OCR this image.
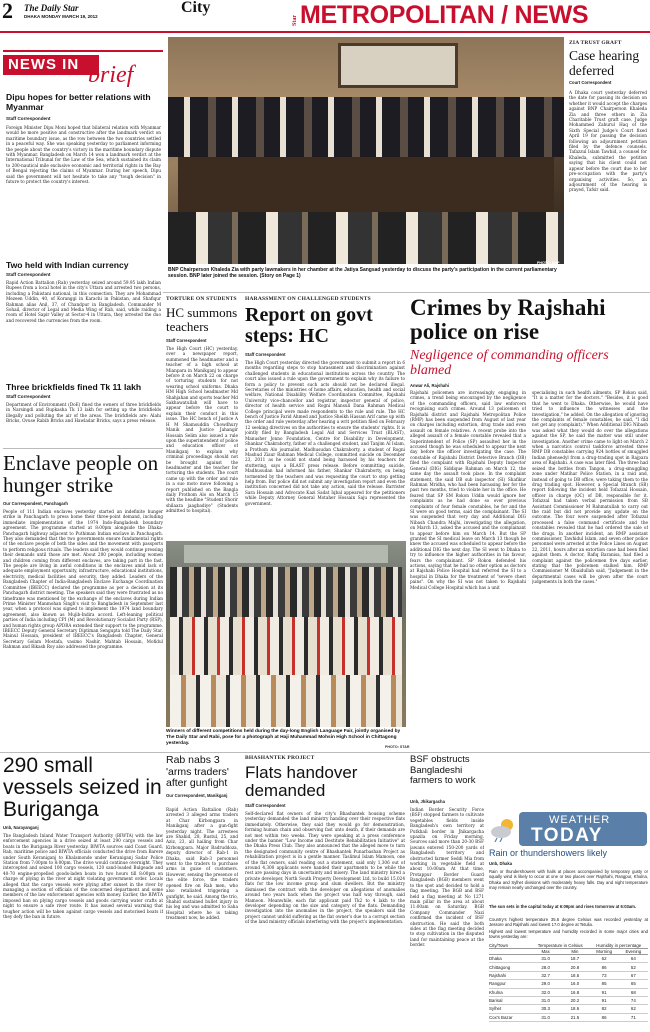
2 The Daily Star
DHAKA MONDAY MARCH 19, 2012
City
Star METROPOLITAN / NEWS
NEWS IN brief
Dipu hopes for better relations with Myanmar
Staff Correspondent
Foreign Minister Dipu Moni hoped that bilateral relation with Myanmar would be more positive and constructive after the landmark verdict on maritime boundary issue, as the row between the two countries settled in a peaceful way. She was speaking yesterday to parliament informing the people about the country's victory in the maritime boundary dispute with Myanmar. Bangladesh on March 14 won a landmark verdict at the International Tribunal for the Law of the Sea, which sustained its claim to 200-nautical mile exclusive economic and territorial rights in the Bay of Bengal rejecting the claims of Myanmar. During her speech, Dipu said the government will not hesitate to take any "tough decision" in future to protect the country's interest.
Two held with Indian currency
Staff Correspondent
Rapid Action Battalion (Rab) yesterday seized around 59.95 lakh Indian Rupees from a local hotel in the city's Uttara and arrested two persons, including a Pakistani national, in this connection. They are Mohammad Mezeen Uddin, 40, of Koranggi in Karachi in Pakistan, and Shafiqur Rahman alias Anil, 37, of Chandpur in Bangladesh. Commander M Sohail, director of Legal and Media Wing of Rab, said, while raiding a room of Hotel Sapir Valley at Sector-4 in Uttara, they arrested the duo and recovered the currencies from the room.
Three brickfields fined Tk 11 lakh
Staff Correspondent
Department of Environment (DoE) fined the owners of three brickfields in Narsingdi and Rupkasha Tk 13 lakh for setting up the brickfields illegally and polluting the air of the areas. The brickfields are: Alahi Bricks, Ovuse Rabib Bricks and Hawladar Bricks, says a press release.
BNP Chairperson Khaleda Zia with party lawmakers in her chamber at the Jatiya Sangsad yesterday to discuss the party's participation in the current parliamentary session. BNP later joined the session. (Story on Page 1)
PHOTO: BNP
ZIA TRUST GRAFT
Case hearing deferred
Court Correspondent
A Dhaka court yesterday deferred the date for passing its decision on whether it would accept the charges against BNP Chairperson Khaleda Zia and three others in Zia Charitable Trust graft case. Judge Mohammed Zahurul Haq of the Sixth Special Judge's Court fixed April 19 for passing the decision following an adjournment petition filed by the defence counsels. Tafazzul Islam Tawhid, a counsel for Khaleda, submitted the petition saying that his client could not appear before the court due to her pre-occupation with the party's organising activities. So, an adjournment of the hearing is prayed, Tafsir said.
TORTURE ON STUDENTS
HC summons teachers
Staff Correspondent
The High Court (HC) yesterday, over a newspaper report, summoned the headmaster and a teacher of a high school at Mianpara in Manikganj to appear before it on March 22 on charge of torturing students for not wearing school uniforms. Dhaka HM High School headmaster Md Shahjahan and sports teacher Md Sakhawatullah will have to appear before the court to explain their conduct in this issue. The HC bench of Justice A H M Shamsuddin Chowdhury Manik and Justice Jahangir Hossain Selim also issued a rule upon the superintendent of police and education officer of Manikganj to explain why criminal proceedings should not be brought against the headmaster and the teacher for torturing the students. The court came up with the order and rule in a suo moto move following a report published on the Bangla daily Prothom Alo on March 15 with the headline "Student Shorir shilaara jaagbadiye" (Students admitted to hospital).
HARASSMENT ON CHALLENGED STUDENTS
Report on govt steps: HC
Staff Correspondent
The High Court yesterday directed the government to submit a report in 6 months regarding steps to stop harassment and discrimination against challenged students in educational institutions across the country. The court also issued a rule upon the government to explain why its failure to form a policy to prevent such acts should not be declared illegal. Secretaries of the ministries of home affairs, education, health and social welfare, National Disability Welfare Coordination Committee, Rajshahi University vice-chancellor and registrar, inspector general of police, director of health service and Rogni Mansuli Dana Rahman Medical College principal were made respondents to the rule and rule. The HC bench of Justice Farid Ahmed and Justice Sheikh Hassan Arif came up with the order and rule yesterday after hearing a writ petition filed on February 12 seeking directives on the authorities to ensure the students' rights. It is jointly filed by Bangladesh Legal Aid and Services Trust (BLAST), Manusher Jonno Foundation, Centre for Disability in Development, Shankar Chakraborty, father of a challenged student, and Tanjim Al Islam, a Prothom Alo journalist. Madhusudan Chakraborty, a student of Rogni Mashud Ziaur Rahman Medical College, committed suicide on December 23, 2011 as he could not stand being harassed by his teachers for stuttering, says a BLAST press release. Before committing suicide, Madhusudan had informed his father, Shankar Chakraborty, on being tormented by the teachers and was requesting the court to stop getting help from. But police did not submit any investigation report and even the institution concerned did not take any action, said the release. Barrister Sara Hossain and Advocate Kazi Sadat Iqbal appeared for the petitioners while Deputy Attorney General Motaher Hossain Saju represented the government.
Crimes by Rajshahi police on rise
Negligence of commanding officers blamed
Anwar Ali, Rajshahi
Rajshahi policemen are increasingly engaging in crimes, a trend being encouraged by the negligence of the commanding officers, said law enforcers recognising such crimes. Around 13 policemen of Rajshahi district and Rajshahi Metropolitan Police (RMP) has been suspended from August of last year on charges including extortion, drug trade and even assault on female relatives. A recent probe into the alleged assault of a female constable revealed that a Superintendent of Police (SP) assaulted her in the accused though he was scheduled to appear the next day before the officer investigating the case. The constable of Rajshahi District Detective Branch (DB) filed the complaint with Rajshahi Deputy Inspector General (DIG) Siddique Rahman on March 12, the same day the assault took place. In the complaint statement, the said DB sub inspector (SI) Shafikur Rahman Mridha, who had been harassing her for the past two months, tried to violate her in the office. He feared that SP SM Rokon Uddin would ignore her complaints as he had done so over previous complaints of four female constables, he for and the SI were on good terms, said the complainant. The SI was suspended that very day and Additional DIG Nibash Chandra Majhi, investigating the allegation, on March 13, asked the accused and the complainant to appear before him on March 14. But the SP granted the SI medical leave on March 13 though he knew the accused was scheduled to appear before the additional DIG the next day. The SI went to Dhaka to try to influence the higher authorities in his favour, fears the complainant. SP Rokon defended his actions, saying that he had no other option as doctors at Rajshahi Police Hospital had referred the SI to a hospital in Dhaka for the treatment of "severe chest pains". On why the SI was not taken to Rajshahi Medical College Hospital which has a unit
specialising in such health ailments, SP Rokon said, "It is a matter for the doctors." "Besides, it is good that he went to Dhaka. Otherwise, he would have tried to influence the witnesses and the investigation," he added. On the allegation of ignoring the complaints of female constables, he said, "I did not get any (complaint)." When Additional DIG Nibash was asked what they would do over the allegations against the SP, he said the matter was still under investigation. Another crime came to light on March 2 when a narcotics control taskforce arrested three RMP DB constables carrying 924 bottles of smuggled Indian phensedyl from a drug-trading spot in Rajpara area of Rajshahi. A case was later filed. The three had seized the bottles from Tangon, a drug-smuggling zone under Matihar Police Station, in a raid and, instead of going to DB office, were taking them to the drug trading spot. However, a Special Branch (SB) report following the incident held Tofazzal Hossain, officer in charge (OC) of DB, responsible for it. Tofazzal had taken verbal permission from SB Assistant Commissioner M Rahmatullah to carry out the raid but did not provide any update on the outcome. The four were suspended after Tofazzal processed a false command certificate and the constables revealed that he had ordered the sale of the drugs. In another incident, an RMP assistant commissioner, Tawhidul Islam, and seven other police personnel were arrested at the Police Lines on August 22, 2011, hours after an extortion case had been filed against them. A doctor, Rafiq Baranisa, had filed a complaint against the policemen five days earlier, stating that the policemen stalked him. RMP Commissioner M Obaidullah said, "Judgement in the departmental cases will be given after the court judgements in both the cases."
Enclave people on hunger strike
Our Correspondent, Panchagarh
People of 111 Indian enclaves yesterday started an indefinite hunger strike in Panchagarh to press home their three-point demand, including immediate implementation of the 1974 Indo-Bangladesh boundary agreement. The programme started at 8:00pm alongside the Dhaka-Panchagarh highway adjacent to Puthiman Indian enclave in Panchagarh. They also demanded that the two governments ensure fundamental rights of the enclave people of both the sides and the movement with passports to perform religious rituals. The leaders said they would continue pressing their demands until those are met. About 200 people, including women and children coming from different enclaves, are taking part in the fast. The people are living in awful conditions in the enclaves amid lack of adequate employment opportunity, infrastructure, educational institutions, electricity, medical facilities and security, they added. Leaders of the Bangladesh Chapter of India-Bangladesh Enclave Exchange Coordination Committee (IBEECC) declared the programme as per a decision at its Panchagarh district meeting. The speakers said they were frustrated as no timeframe was mentioned by the exchange of the enclaves during Indian Prime Minister Manmohan Singh's visit to Bangladesh in September last year, when a protocol was signed to implement the 1974 land boundary agreement, also known as Mujib-Indira accord. Left-leaning political parties of India including CPI (M) and Revolutionary Socialist Party (RSP), and human rights group APDRA extended their support to the programme. IBEECC Deputy General Secretary Diptiman Sengupta told The Daily Star. Mainul Hossain, president of IBEECC's Bangladesh Chapter, General Secretary Golam Mostafa, vasimo Nashir, Mahtab Hossain, Mofidul Rahman and Bikash Roy also addressed the programme.
Winners of different competitions held during the day-long English Language Fair, jointly organised by The Daily Star and Rabi, pose for a photograph at Haji Muhammad Mohsin High School in Chittagong yesterday.
PHOTO: STAR
290 small vessels seized in Buriganga
Unb, Narayanganj
The Bangladesh Inland Water Transport Authority (BIWTA) with the law enforcement agencies in a drive seized at least 290 cargo vessels and boats in the Buriganga River yesterday. BIWTA sources said Coast Guard, Rab, maritime police and BIWTA officials conducted the drive from Barere under South Keraniganj to Khalamonde under Keraniganj Sadar Police Station from 7:00pm to 8:00pm. The drive would continue overnight. They intercepted and seized 100 cargo vessels, 120 sand-loaded Bulgeade and 40-70 engine-propelled goods-laden boats in two hours till 8:00pm on charge of plying in the river at night violating government order. Locals alleged that the cargo vessels were plying after sunset in the river by managing a section of officials of the concerned department and some members of the law enforcement agencies with money. Earlier, the BIWTA imposed ban on plying cargo vessels and goods carrying water crafts at night to ensure a safe river route. It has issued several warning that tougher action will be taken against cargo vessels and motorised boats if they defy the ban in future.
Rab nabs 3 'arms traders' after gunfight
Our Correspondent, Manikganj
Rapid Action Battalion (Rab) arrested 3 alleged arms traders at Char Kirbongpara in Manikganj after a gun-fight yesterday night. The arrestees are Shahid, 28, Rustul, 25, and Aziz, 23, all hailing from Char Kirbongpara. Major Badruddoza, deputy director of Rab-1 in Dhaka, said Rab-3 personnel went to the traders to purchase arms in guise of customers. However, sensing the presence of the elite force, the traders opened fire on Rab men, who also retaliated triggering a gunfight, he said. Among the trio, Shahid sustained bullet injury in his leg and was admitted to Saha Hospital where he is taking treatment now, he added.
BHASHANTEK PROJECT
Flats handover demanded
Staff Correspondent
Self-declared flat owners of the city's Bhashantek housing scheme yesterday demanded the land ministry handing over their respective flats immediately. Otherwise, they said they would go for demonstration, forming human chain and observing fast unto death, if their demands are not met within two weeks. They were speaking at a press conference under the banner "Low Income and Destitute Rehabilitation Initiative" at the Dhaka Press Club. They also announced that the alleged move to turn the designated community centre of Bhashantek Punarbashan Project as rehabilitation project is in a gentle manner. Taslimul Islam Mamoon, one of the flat owners, said reading out a statement, said only 1,306 out of around 4,300 applicants were handed their apartments to be while the rest are passing days in uncertainty and misery. The land ministry hired a private developer, North South Property Development Ltd, to build 15,024 flats for the low income group and slum dwellers. But the ministry dismissed the contract with the developer on allegations of anomalies around two years back when the project was half way through, said Mamoon. Meanwhile, each flat applicant paid Tk2 to 4 lakh to the developer depending on the size and category of the flats. Demanding investigation into the anomalies in the project, the speakers said the project cannot unfold suffering as the flat owner's due to a corrupt section of the land ministry officials interfering with the project's implementation.
BSF obstructs Bangladeshi farmers to work
Unb, Jhikargacha
Indian Border Security Force (BSF) stopped farmers to cultivate vegetables fields inside Bangladesh's own territory at Putkhali border in Jhikargacha upazila on Friday morning. Sources said more than 20-30 BSF jawans entered 150-200 yards of Bangladesh territory and obstructed farmer Seddi Mia from working in vegetable field at about 10:00am. At that time, Protappur Border Guard Bangladesh (BGB) members went to the spot and decided to hold a flag meeting. The BGB and BSF held a flag meeting at No 1271 main pillar in the area at about 11:00am on Saturday. BGB Company Commander Nazi confirmed the incident of BSF obstruction. He said the both sides at the flag meeting decided to stop cultivation in the disputed land for maintaining peace at the border.
WEATHER
TODAY
Rain or thundershowers likely
Unb, Dhaka
Rain or thundershowers with hails at places accompanied by temporary gusty or squally wind is likely to occur at one or two places over Rajshahi, Rangpur, Khulna, Dhaka and Sylhet divisions with moderately heavy falls. Day and night temperature may remain nearly unchanged over the country.
The sun sets in the capital today at 6:09pm and rises tomorrow at 6:03am.
Country's highest temperature 35.6 degree Celsius was recorded yesterday at Jessore and Rajshahi and lowest 17.0 degree at Tetulia.
Highest and lowest temperature and humidity recorded in some major cities and towns yesterday are:
City/Town	Temperature in Celsius		Humidity in percentage	
	Max	Min	Morning	Evening
Dhaka	31.0	18.7	62	64
Chittagong	28.0	20.8	86	52
Rajshahi	32.7	18.6	73	67
Rangpur	29.0	16.0	85	65
Khulna	32.0	16.8	91	68
Barisal	31.0	20.2	91	74
Sylhet	30.3	18.6	82	62
Cox's Bazar	31.0	21.5	86	71
